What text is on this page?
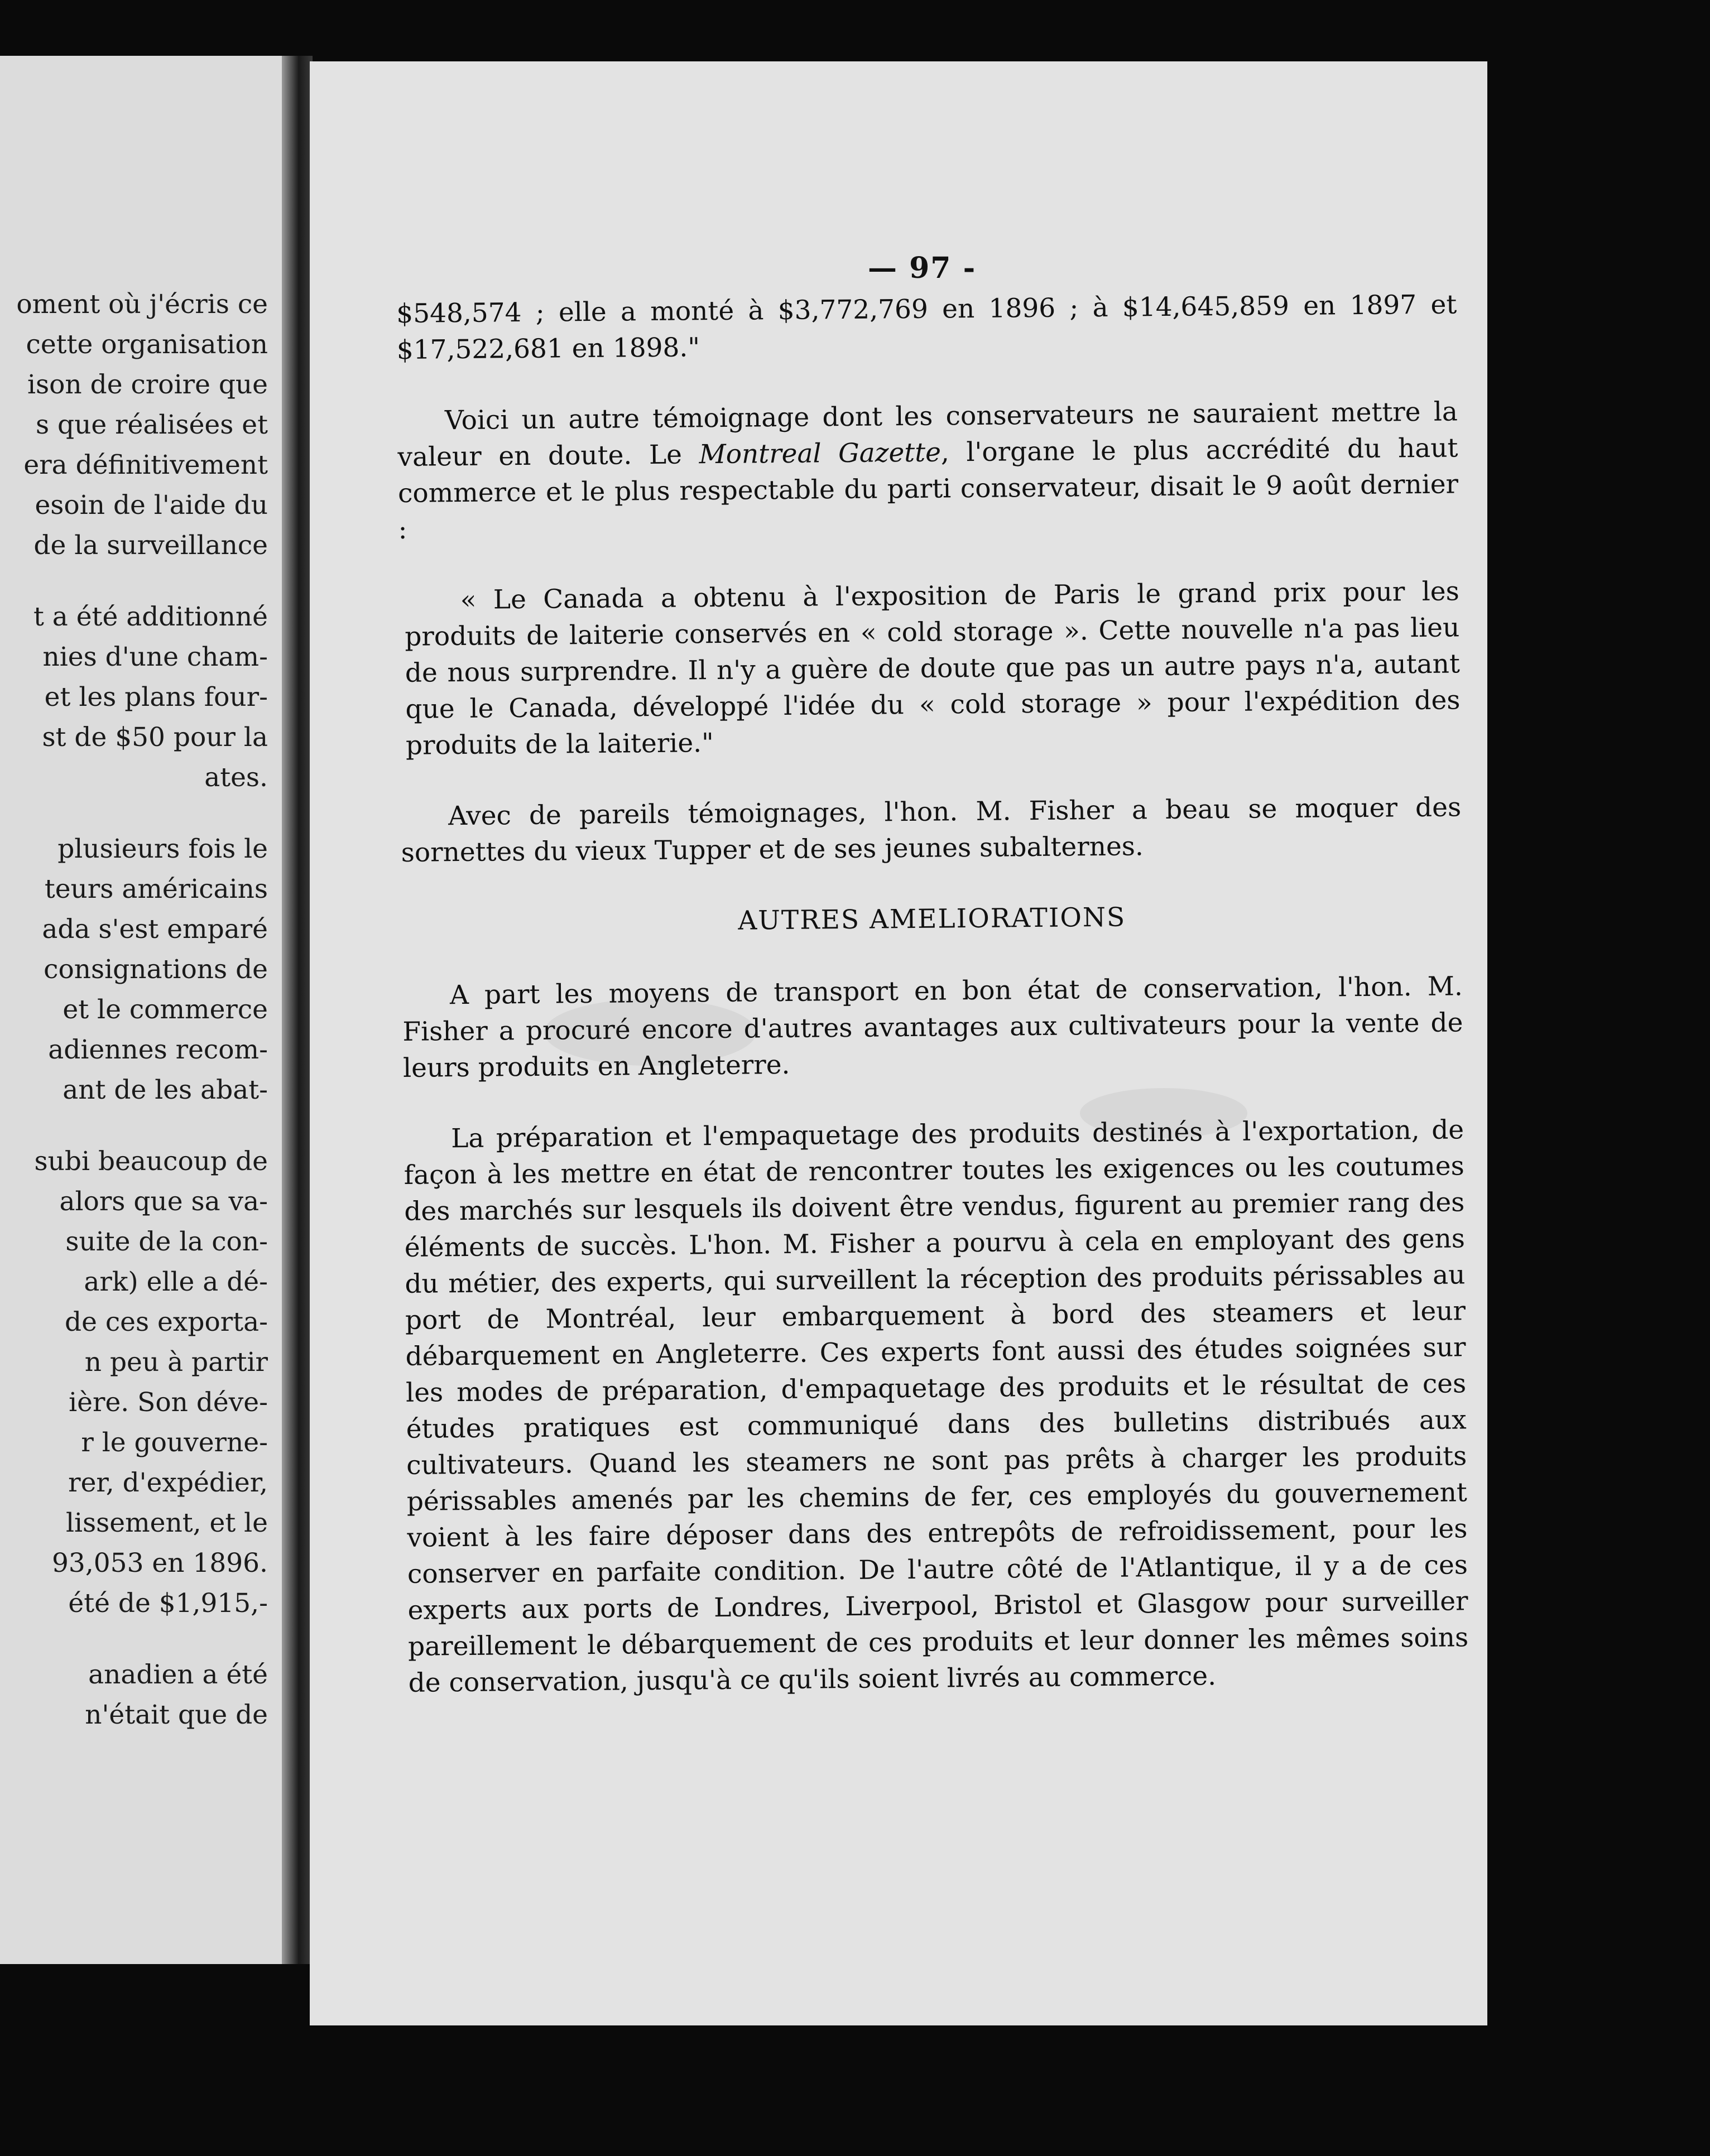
oment où j'écris ce
cette organisation
ison de croire que
s que réalisées et
era définitivement
esoin de l'aide du
de la surveillance
t a été additionné
nies d'une cham-
et les plans four-
st de $50 pour la
ates.
plusieurs fois le
teurs américains
ada s'est emparé
consignations de
et le commerce
adiennes recom-
ant de les abat-
subi beaucoup de
alors que sa va-
suite de la con-
ark) elle a dé-
de ces exporta-
n peu à partir
ière. Son déve-
r le gouverne-
rer, d'expédier,
lissement, et le
93,053 en 1896.
été de $1,915,-
anadien a été
n'était que de
— 97 -

$548,574 ; elle a monté à $3,772,769 en 1896 ; à $14,645,859 en 1897 et $17,522,681 en 1898."

Voici un autre témoignage dont les conservateurs ne sauraient mettre la valeur en doute. Le Montreal Gazette, l'organe le plus accrédité du haut commerce et le plus respectable du parti conservateur, disait le 9 août dernier :

« Le Canada a obtenu à l'exposition de Paris le grand prix pour les produits de laiterie conservés en « cold storage ». Cette nouvelle n'a pas lieu de nous surprendre. Il n'y a guère de doute que pas un autre pays n'a, autant que le Canada, développé l'idée du « cold storage » pour l'expédition des produits de la laiterie."

Avec de pareils témoignages, l'hon. M. Fisher a beau se moquer des sornettes du vieux Tupper et de ses jeunes subalternes.

AUTRES AMELIORATIONS

A part les moyens de transport en bon état de conservation, l'hon. M. Fisher a procuré encore d'autres avantages aux cultivateurs pour la vente de leurs produits en Angleterre.

La préparation et l'empaquetage des produits destinés à l'exportation, de façon à les mettre en état de rencontrer toutes les exigences ou les coutumes des marchés sur lesquels ils doivent être vendus, figurent au premier rang des éléments de succès. L'hon. M. Fisher a pourvu à cela en employant des gens du métier, des experts, qui surveillent la réception des produits périssables au port de Montréal, leur embarquement à bord des steamers et leur débarquement en Angleterre. Ces experts font aussi des études soignées sur les modes de préparation, d'empaquetage des produits et le résultat de ces études pratiques est communiqué dans des bulletins distribués aux cultivateurs. Quand les steamers ne sont pas prêts à charger les produits périssables amenés par les chemins de fer, ces employés du gouvernement voient à les faire déposer dans des entrepôts de refroidissement, pour les conserver en parfaite condition. De l'autre côté de l'Atlantique, il y a de ces experts aux ports de Londres, Liverpool, Bristol et Glasgow pour surveiller pareillement le débarquement de ces produits et leur donner les mêmes soins de conservation, jusqu'à ce qu'ils soient livrés au commerce.
